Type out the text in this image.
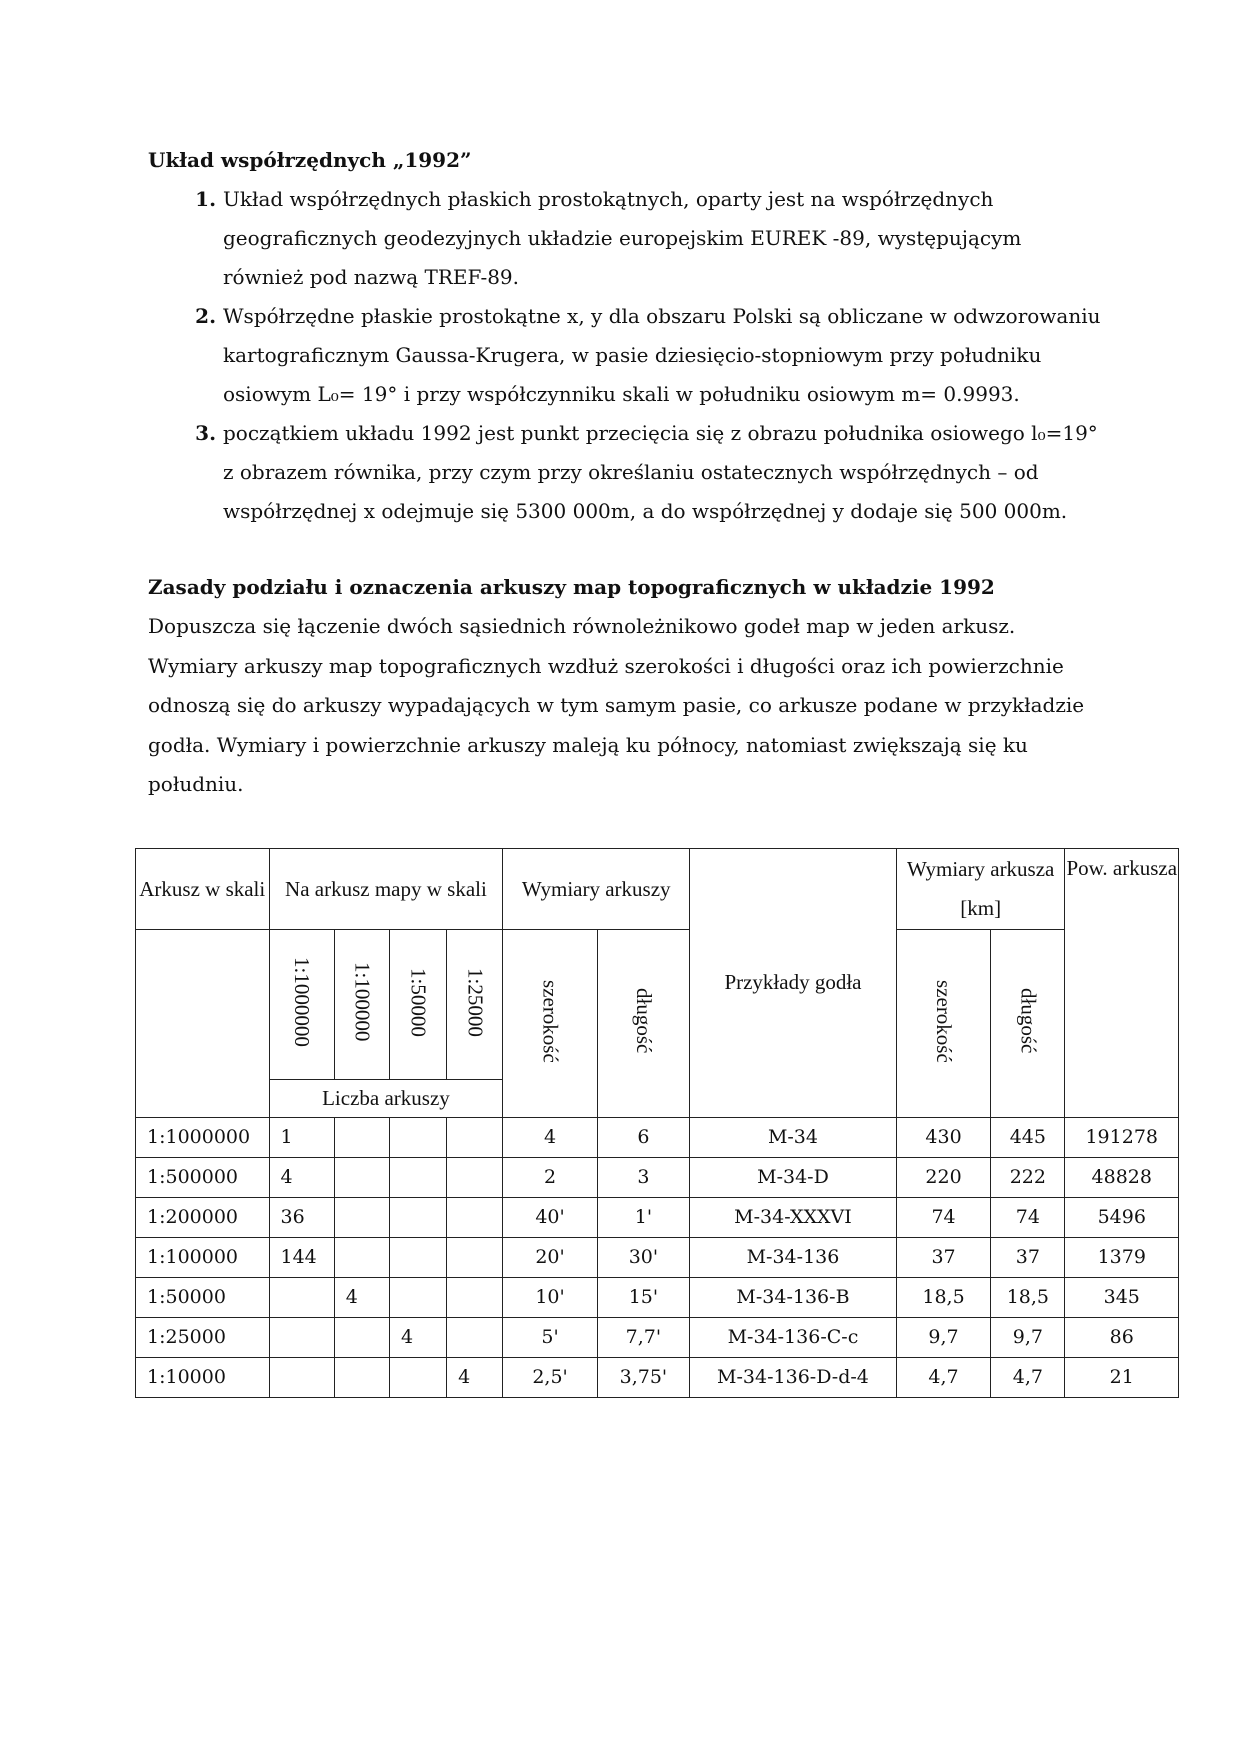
Układ współrzędnych „1992”
1. Układ współrzędnych płaskich prostokątnych, oparty jest na współrzędnych geograficznych geodezyjnych układzie europejskim EUREK -89, występującym również pod nazwą TREF-89.
2. Współrzędne płaskie prostokątne x, y dla obszaru Polski są obliczane w odwzorowaniu kartograficznym Gaussa-Krugera, w pasie dziesięcio-stopniowym przy południku osiowym L₀= 19° i przy współczynniku skali w południku osiowym m= 0.9993.
3. początkiem układu 1992 jest punkt przecięcia się z obrazu południka osiowego l₀=19° z obrazem równika, przy czym przy określaniu ostatecznych współrzędnych – od współrzędnej x odejmuje się 5300 000m, a do współrzędnej y dodaje się 500 000m.
Zasady podziału i oznaczenia arkuszy map topograficznych w układzie 1992

Dopuszcza się łączenie dwóch sąsiednich równoleżnikowo godeł map w jeden arkusz. Wymiary arkuszy map topograficznych wzdłuż szerokości i długości oraz ich powierzchnie odnoszą się do arkuszy wypadających w tym samym pasie, co arkusze podane w przykładzie godła. Wymiary i powierzchnie arkuszy maleją ku północy, natomiast zwiększają się ku południu.

Arkusz w skali	Na arkusz mapy w skali				Wymiary arkuszy		Przykłady godła	Wymiary arkusza [km]		Pow. arkusza
	1:1000000	1:100000	1:50000	1:25000	szerokość	długość		szerokość	długość	
	Liczba arkuszy									
1:1000000	1				4	6	M-34	430	445	191278
1:500000	4				2	3	M-34-D	220	222	48828
1:200000	36				40'	1'	M-34-XXXVI	74	74	5496
1:100000	144				20'	30'	M-34-136	37	37	1379
1:50000		4			10'	15'	M-34-136-B	18,5	18,5	345
1:25000			4		5'	7,7'	M-34-136-C-c	9,7	9,7	86
1:10000				4	2,5'	3,75'	M-34-136-D-d-4	4,7	4,7	21
